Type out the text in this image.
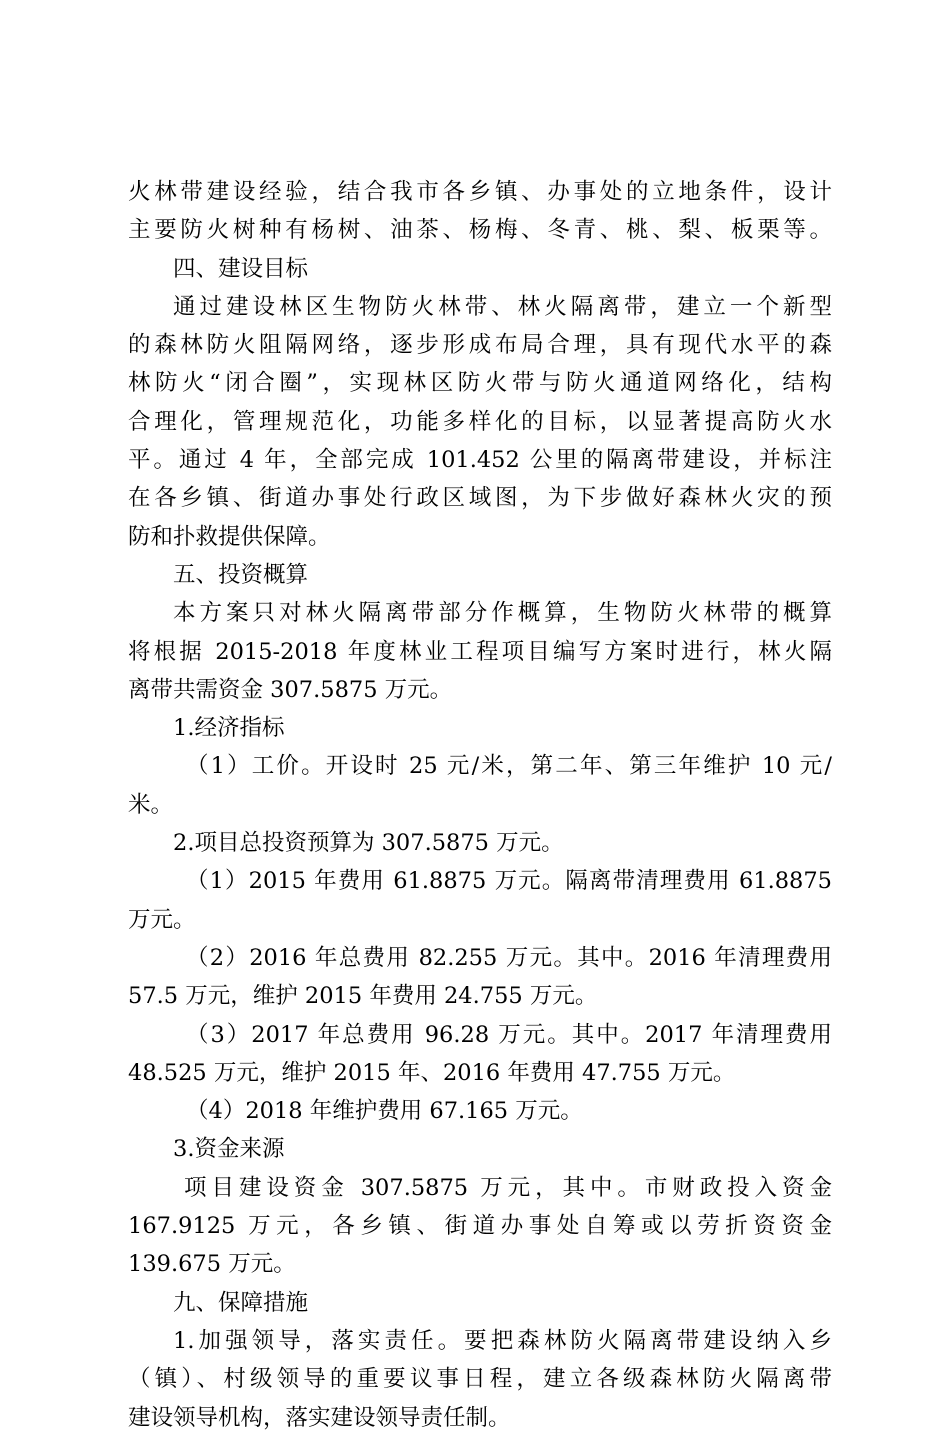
火林带建设经验，结合我市各乡镇、办事处的立地条件，设计
主要防火树种有杨树、油茶、杨梅、冬青、桃、梨、板栗等。
四、建设目标
通过建设林区生物防火林带、林火隔离带，建立一个新型
的森林防火阻隔网络，逐步形成布局合理，具有现代水平的森
林防火“闭合圈”，实现林区防火带与防火通道网络化，结构
合理化，管理规范化，功能多样化的目标，以显著提高防火水
平。通过 4 年，全部完成 101.452 公里的隔离带建设，并标注
在各乡镇、街道办事处行政区域图，为下步做好森林火灾的预
防和扑救提供保障。
五、投资概算
本方案只对林火隔离带部分作概算，生物防火林带的概算
将根据 2015-2018 年度林业工程项目编写方案时进行，林火隔
离带共需资金 307.5875 万元。
1.经济指标
（1）工价。开设时 25 元/米，第二年、第三年维护 10 元/
米。
2.项目总投资预算为 307.5875 万元。
（1）2015 年费用 61.8875 万元。隔离带清理费用 61.8875
万元。
（2）2016 年总费用 82.255 万元。其中。2016 年清理费用
57.5 万元，维护 2015 年费用 24.755 万元。
（3）2017 年总费用 96.28 万元。其中。2017 年清理费用
48.525 万元，维护 2015 年、2016 年费用 47.755 万元。
（4）2018 年维护费用 67.165 万元。
3.资金来源
项目建设资金 307.5875 万元，其中。市财政投入资金
167.9125 万元，各乡镇、街道办事处自筹或以劳折资资金
139.675 万元。
九、保障措施
1.加强领导，落实责任。要把森林防火隔离带建设纳入乡
（镇）、村级领导的重要议事日程，建立各级森林防火隔离带
建设领导机构，落实建设领导责任制。
